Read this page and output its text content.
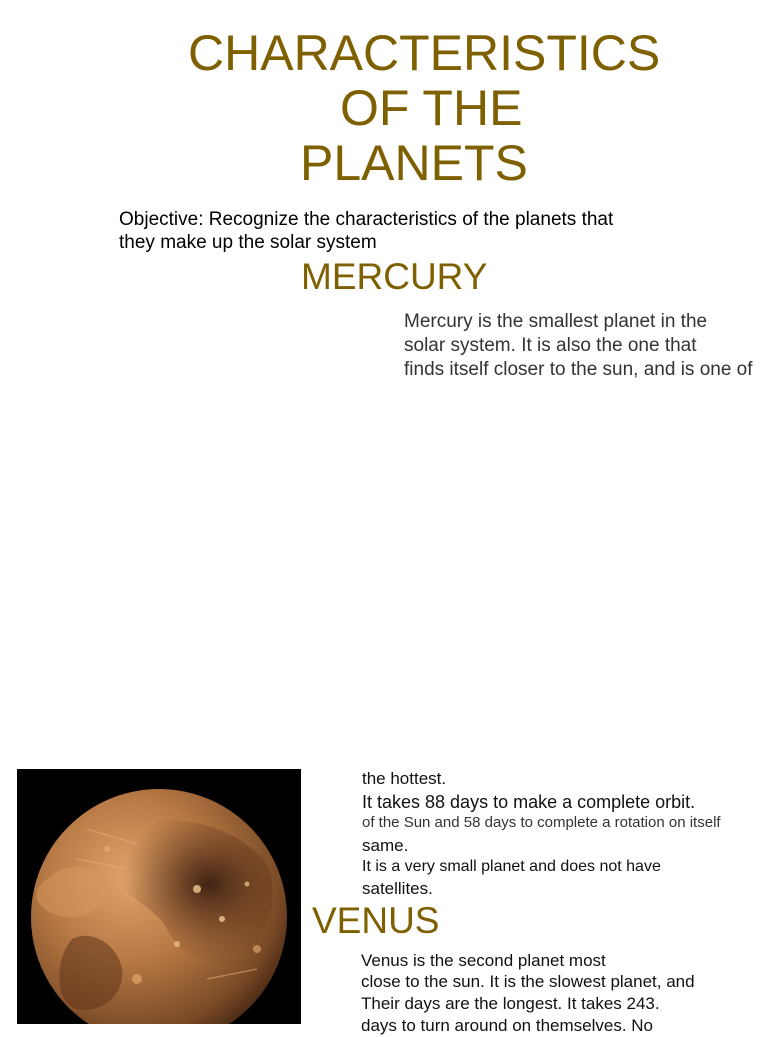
CHARACTERISTICS
OF THE
PLANETS
Objective: Recognize the characteristics of the planets that
they make up the solar system
MERCURY
Mercury is the smallest planet in the
solar system. It is also the one that
finds itself closer to the sun, and is one of
the hottest.
It takes 88 days to make a complete orbit.
of the Sun and 58 days to complete a rotation on itself
same.
It is a very small planet and does not have
satellites.
VENUS
Venus is the second planet most
close to the sun. It is the slowest planet, and
Their days are the longest. It takes 243.
days to turn around on themselves. No
